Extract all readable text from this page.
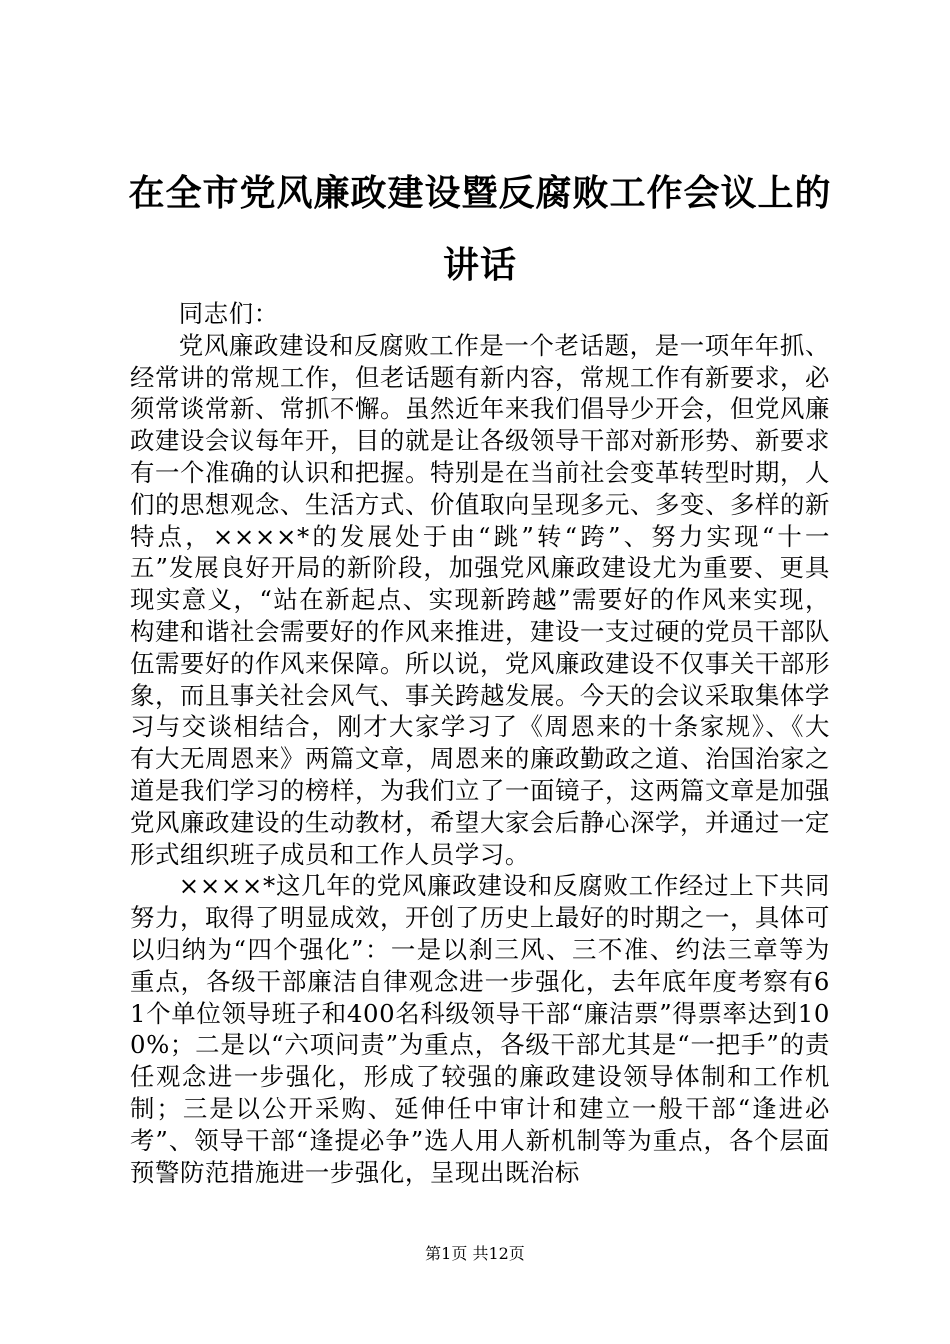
在全市党风廉政建设暨反腐败工作会议上的讲话

同志们：

党风廉政建设和反腐败工作是一个老话题，是一项年年抓、经常讲的常规工作，但老话题有新内容，常规工作有新要求，必须常谈常新、常抓不懈。虽然近年来我们倡导少开会，但党风廉政建设会议每年开，目的就是让各级领导干部对新形势、新要求有一个准确的认识和把握。特别是在当前社会变革转型时期，人们的思想观念、生活方式、价值取向呈现多元、多变、多样的新特点，××××*的发展处于由“跳”转“跨”、努力实现“十一五”发展良好开局的新阶段，加强党风廉政建设尤为重要、更具现实意义，“站在新起点、实现新跨越”需要好的作风来实现，构建和谐社会需要好的作风来推进，建设一支过硬的党员干部队伍需要好的作风来保障。所以说，党风廉政建设不仅事关干部形象，而且事关社会风气、事关跨越发展。今天的会议采取集体学习与交谈相结合，刚才大家学习了《周恩来的十条家规》、《大有大无周恩来》两篇文章，周恩来的廉政勤政之道、治国治家之道是我们学习的榜样，为我们立了一面镜子，这两篇文章是加强党风廉政建设的生动教材，希望大家会后静心深学，并通过一定形式组织班子成员和工作人员学习。

××××*这几年的党风廉政建设和反腐败工作经过上下共同努力，取得了明显成效，开创了历史上最好的时期之一，具体可以归纳为“四个强化”：一是以刹三风、三不准、约法三章等为重点，各级干部廉洁自律观念进一步强化，去年底年度考察有61个单位领导班子和400名科级领导干部“廉洁票”得票率达到100%；二是以“六项问责”为重点，各级干部尤其是“一把手”的责任观念进一步强化，形成了较强的廉政建设领导体制和工作机制；三是以公开采购、延伸任中审计和建立一般干部“逢进必考”、领导干部“逢提必争”选人用人新机制等为重点，各个层面预警防范措施进一步强化，呈现出既治标

第1页 共12页
